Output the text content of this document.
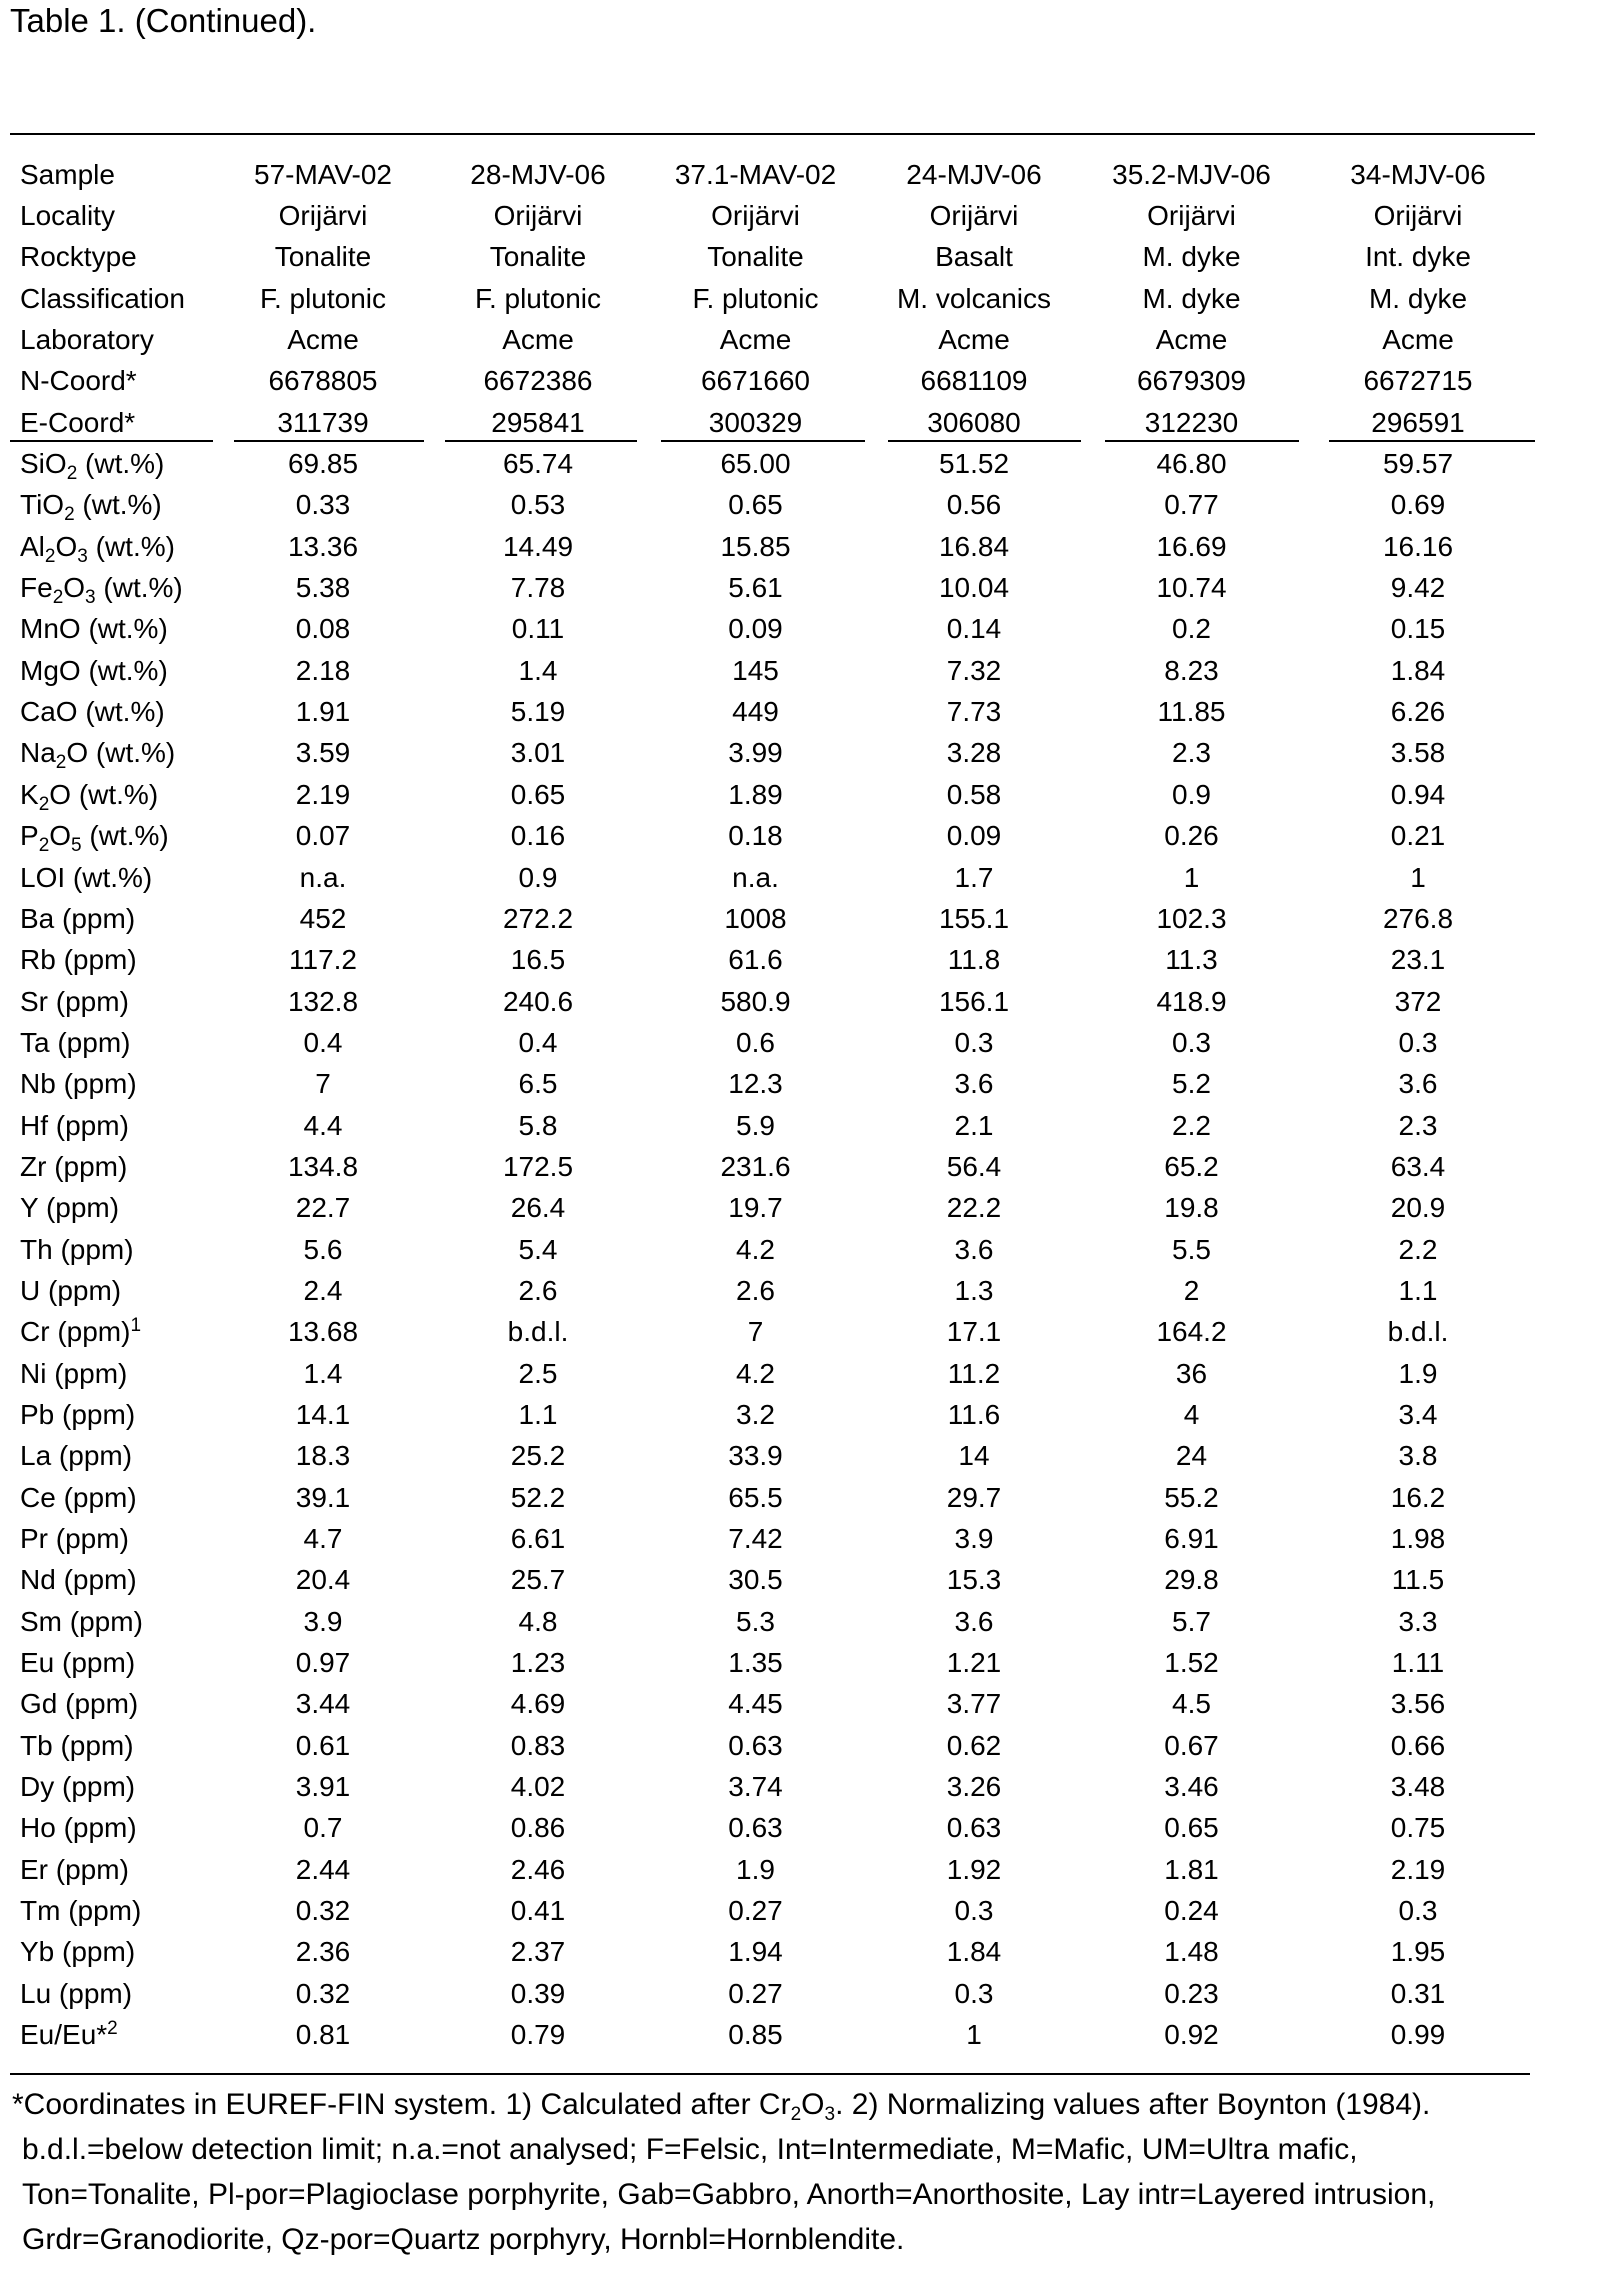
Table 1. (Continued).
Sample	57-MAV-02	28-MJV-06	37.1-MAV-02	24-MJV-06	35.2-MJV-06	34-MJV-06
Locality	Orijärvi	Orijärvi	Orijärvi	Orijärvi	Orijärvi	Orijärvi
Rocktype	Tonalite	Tonalite	Tonalite	Basalt	M. dyke	Int. dyke
Classification	F. plutonic	F. plutonic	F. plutonic	M. volcanics	M. dyke	M. dyke
Laboratory	Acme	Acme	Acme	Acme	Acme	Acme
N-Coord*	6678805	6672386	6671660	6681109	6679309	6672715
E-Coord*	311739	295841	300329	306080	312230	296591
SiO$_2$ (wt.%)	69.85	65.74	65.00	51.52	46.80	59.57
TiO$_2$ (wt.%)	0.33	0.53	0.65	0.56	0.77	0.69
$Al_2O_3$ (wt.%)	13.36	14.49	15.85	16.84	16.69	16.16
$Fe_2O_3$ (wt.%)	5.38	7.78	5.61	10.04	10.74	9.42
MnO (wt.%)	0.08	0.11	0.09	0.14	0.2	0.15
MgO (wt.%)	2.18	1.4	145	7.32	8.23	1.84
CaO (wt.%)	1.91	5.19	449	7.73	11.85	6.26
$Na_2O$ (wt.%)	3.59	3.01	3.99	3.28	2.3	3.58
$K_2O$ (wt.%)	2.19	0.65	1.89	0.58	0.9	0.94
$P_2O_5$ (wt.%)	0.07	0.16	0.18	0.09	0.26	0.21
LOI (wt.%)	n.a.	0.9	n.a.	1.7	1	1
Ba (ppm)	452	272.2	1008	155.1	102.3	276.8
Rb (ppm)	117.2	16.5	61.6	11.8	11.3	23.1
Sr (ppm)	132.8	240.6	580.9	156.1	418.9	372
Ta (ppm)	0.4	0.4	0.6	0.3	0.3	0.3
Nb (ppm)	7	6.5	12.3	3.6	5.2	3.6
Hf (ppm)	4.4	5.8	5.9	2.1	2.2	2.3
Zr (ppm)	134.8	172.5	231.6	56.4	65.2	63.4
Y (ppm)	22.7	26.4	19.7	22.2	19.8	20.9
Th (ppm)	5.6	5.4	4.2	3.6	5.5	2.2
U (ppm)	2.4	2.6	2.6	1.3	2	1.1
Cr (ppm)$^1$	13.68	b.d.l.	7	17.1	164.2	b.d.l.
Ni (ppm)	1.4	2.5	4.2	11.2	36	1.9
Pb (ppm)	14.1	1.1	3.2	11.6	4	3.4
La (ppm)	18.3	25.2	33.9	14	24	3.8
Ce (ppm)	39.1	52.2	65.5	29.7	55.2	16.2
Pr (ppm)	4.7	6.61	7.42	3.9	6.91	1.98
Nd (ppm)	20.4	25.7	30.5	15.3	29.8	11.5
Sm (ppm)	3.9	4.8	5.3	3.6	5.7	3.3
Eu (ppm)	0.97	1.23	1.35	1.21	1.52	1.11
Gd (ppm)	3.44	4.69	4.45	3.77	4.5	3.56
Tb (ppm)	0.61	0.83	0.63	0.62	0.67	0.66
Dy (ppm)	3.91	4.02	3.74	3.26	3.46	3.48
Ho (ppm)	0.7	0.86	0.63	0.63	0.65	0.75
Er (ppm)	2.44	2.46	1.9	1.92	1.81	2.19
Tm (ppm)	0.32	0.41	0.27	0.3	0.24	0.3
Yb (ppm)	2.36	2.37	1.94	1.84	1.48	1.95
Lu (ppm)	0.32	0.39	0.27	0.3	0.23	0.31
Eu/Eu*$^2$	0.81	0.79	0.85	1	0.92	0.99
*Coordinates in EUREF-FIN system. 1) Calculated after $Cr_2O_3$. 2) Normalizing values after Boynton (1984).
b.d.l.=below detection limit; n.a.=not analysed; F=Felsic, Int=Intermediate, M=Mafic, UM=Ultra mafic,
Ton=Tonalite, Pl-por=Plagioclase porphyrite, Gab=Gabbro, Anorth=Anorthosite, Lay intr=Layered intrusion,
Grdr=Granodiorite, Qz-por=Quartz porphyry, Hornbl=Hornblendite.
